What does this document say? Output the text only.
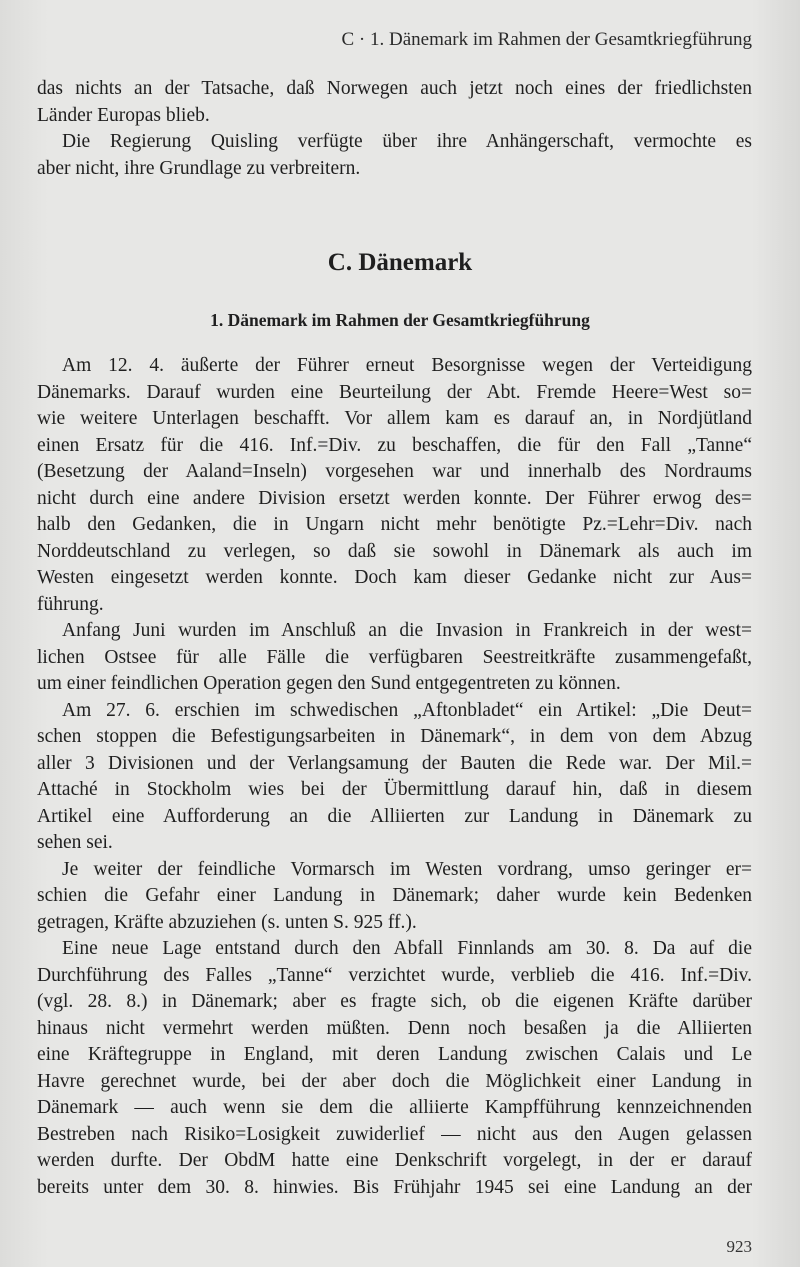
C · 1. Dänemark im Rahmen der Gesamtkriegführung
das nichts an der Tatsache, daß Norwegen auch jetzt noch eines der friedlichsten
Länder Europas blieb.
Die Regierung Quisling verfügte über ihre Anhängerschaft, vermochte es
aber nicht, ihre Grundlage zu verbreitern.
C. Dänemark
1. Dänemark im Rahmen der Gesamtkriegführung
Am 12. 4. äußerte der Führer erneut Besorgnisse wegen der Verteidigung
Dänemarks. Darauf wurden eine Beurteilung der Abt. Fremde Heere=West so=
wie weitere Unterlagen beschafft. Vor allem kam es darauf an, in Nordjütland
einen Ersatz für die 416. Inf.=Div. zu beschaffen, die für den Fall „Tanne“
(Besetzung der Aaland=Inseln) vorgesehen war und innerhalb des Nordraums
nicht durch eine andere Division ersetzt werden konnte. Der Führer erwog des=
halb den Gedanken, die in Ungarn nicht mehr benötigte Pz.=Lehr=Div. nach
Norddeutschland zu verlegen, so daß sie sowohl in Dänemark als auch im
Westen eingesetzt werden konnte. Doch kam dieser Gedanke nicht zur Aus=
führung.
Anfang Juni wurden im Anschluß an die Invasion in Frankreich in der west=
lichen Ostsee für alle Fälle die verfügbaren Seestreitkräfte zusammengefaßt,
um einer feindlichen Operation gegen den Sund entgegentreten zu können.
Am 27. 6. erschien im schwedischen „Aftonbladet“ ein Artikel: „Die Deut=
schen stoppen die Befestigungsarbeiten in Dänemark“, in dem von dem Abzug
aller 3 Divisionen und der Verlangsamung der Bauten die Rede war. Der Mil.=
Attaché in Stockholm wies bei der Übermittlung darauf hin, daß in diesem
Artikel eine Aufforderung an die Alliierten zur Landung in Dänemark zu
sehen sei.
Je weiter der feindliche Vormarsch im Westen vordrang, umso geringer er=
schien die Gefahr einer Landung in Dänemark; daher wurde kein Bedenken
getragen, Kräfte abzuziehen (s. unten S. 925 ff.).
Eine neue Lage entstand durch den Abfall Finnlands am 30. 8. Da auf die
Durchführung des Falles „Tanne“ verzichtet wurde, verblieb die 416. Inf.=Div.
(vgl. 28. 8.) in Dänemark; aber es fragte sich, ob die eigenen Kräfte darüber
hinaus nicht vermehrt werden müßten. Denn noch besaßen ja die Alliierten
eine Kräftegruppe in England, mit deren Landung zwischen Calais und Le
Havre gerechnet wurde, bei der aber doch die Möglichkeit einer Landung in
Dänemark — auch wenn sie dem die alliierte Kampfführung kennzeichnenden
Bestreben nach Risiko=Losigkeit zuwiderlief — nicht aus den Augen gelassen
werden durfte. Der ObdM hatte eine Denkschrift vorgelegt, in der er darauf
bereits unter dem 30. 8. hinwies. Bis Frühjahr 1945 sei eine Landung an der
923
